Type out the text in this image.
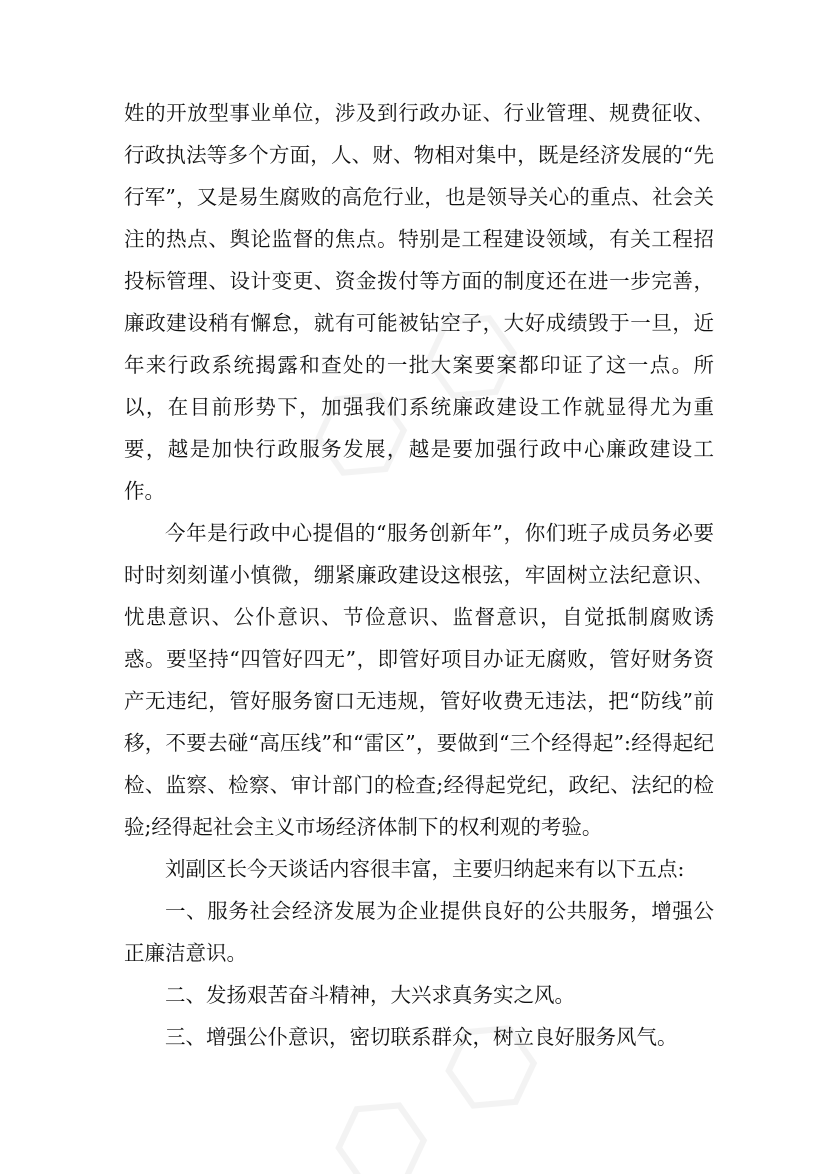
姓的开放型事业单位，涉及到行政办证、行业管理、规费征收、行政执法等多个方面，人、财、物相对集中，既是经济发展的“先行军”，又是易生腐败的高危行业，也是领导关心的重点、社会关注的热点、舆论监督的焦点。特别是工程建设领域，有关工程招投标管理、设计变更、资金拨付等方面的制度还在进一步完善，廉政建设稍有懈怠，就有可能被钻空子，大好成绩毁于一旦，近年来行政系统揭露和查处的一批大案要案都印证了这一点。所以，在目前形势下，加强我们系统廉政建设工作就显得尤为重要，越是加快行政服务发展，越是要加强行政中心廉政建设工作。

今年是行政中心提倡的“服务创新年”，你们班子成员务必要时时刻刻谨小慎微，绷紧廉政建设这根弦，牢固树立法纪意识、忧患意识、公仆意识、节俭意识、监督意识，自觉抵制腐败诱惑。要坚持“四管好四无”，即管好项目办证无腐败，管好财务资产无违纪，管好服务窗口无违规，管好收费无违法，把“防线”前移，不要去碰“高压线”和“雷区”，要做到“三个经得起”:经得起纪检、监察、检察、审计部门的检查;经得起党纪，政纪、法纪的检验;经得起社会主义市场经济体制下的权利观的考验。

刘副区长今天谈话内容很丰富，主要归纳起来有以下五点:

一、服务社会经济发展为企业提供良好的公共服务，增强公正廉洁意识。

二、发扬艰苦奋斗精神，大兴求真务实之风。

三、增强公仆意识，密切联系群众，树立良好服务风气。
